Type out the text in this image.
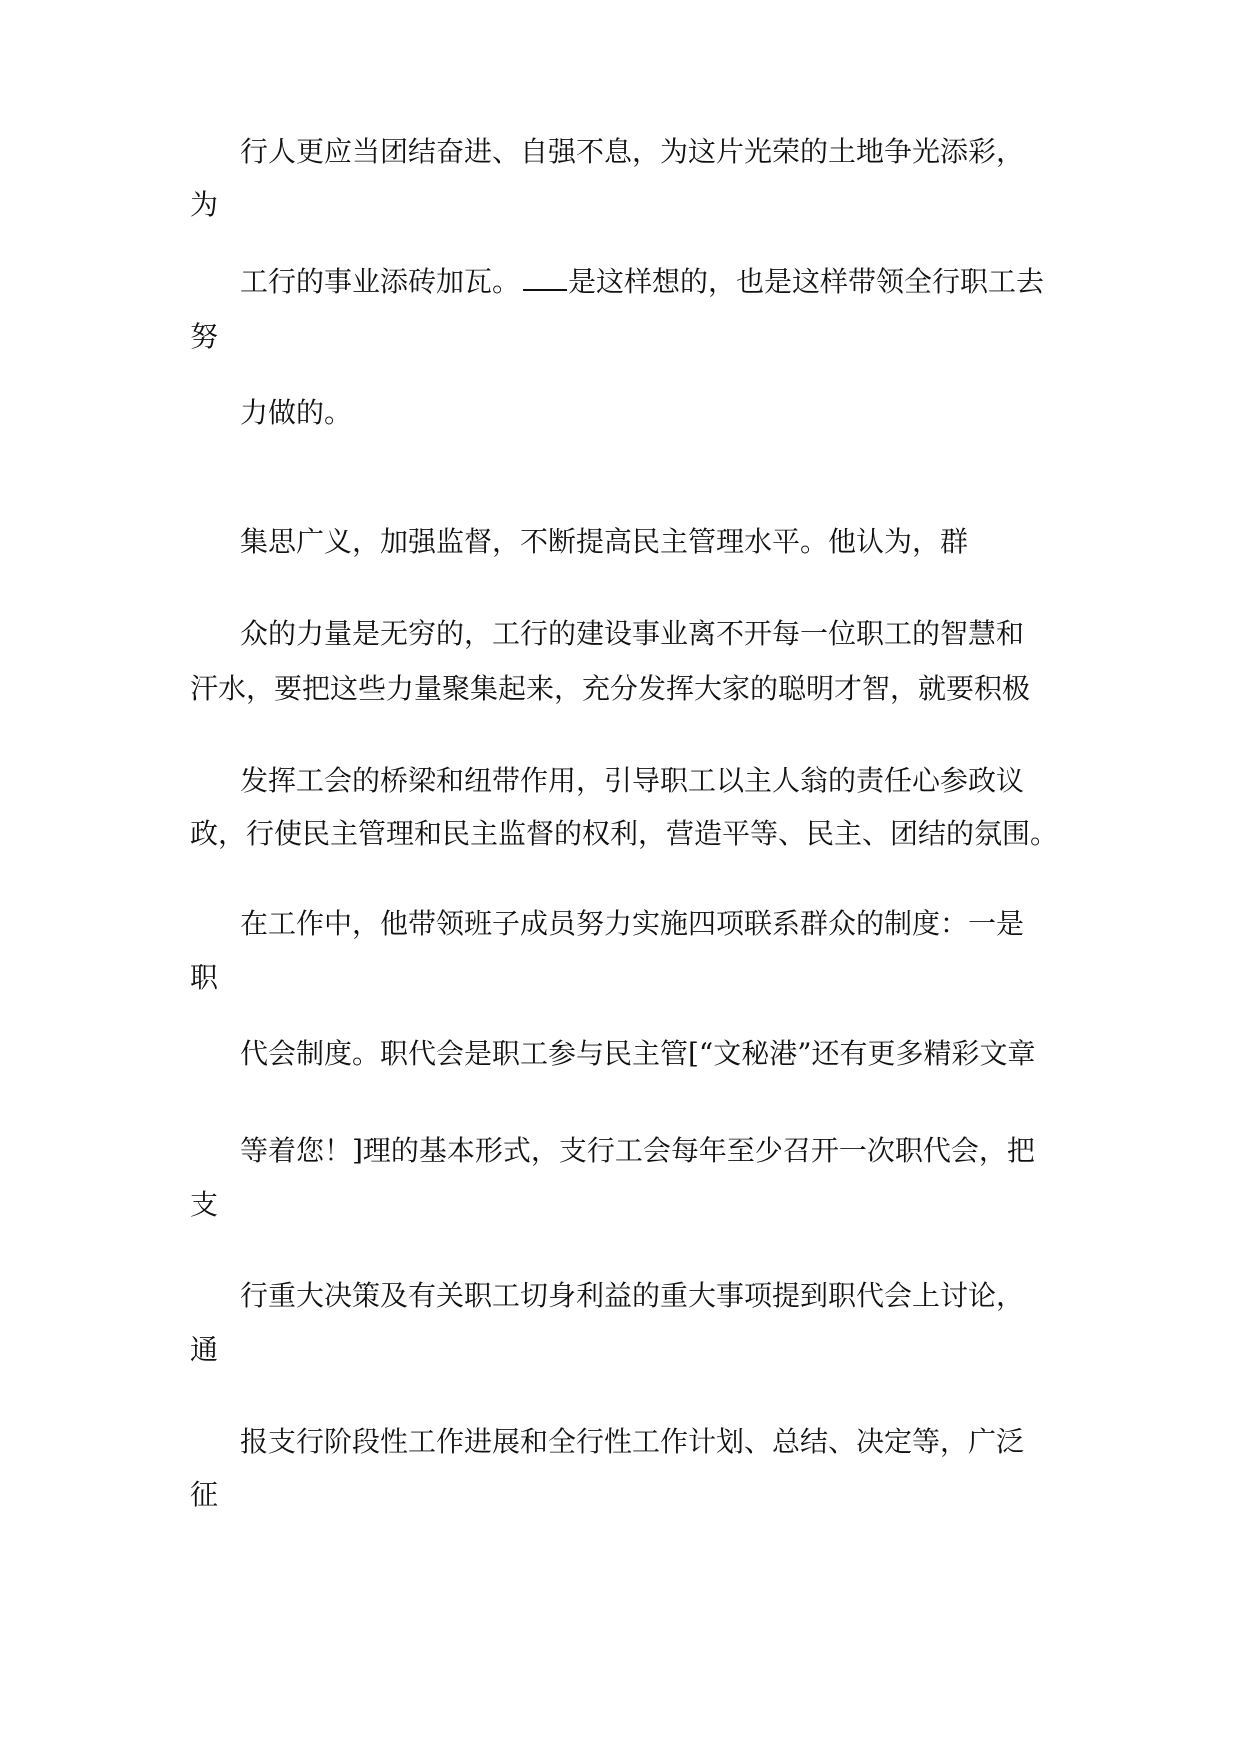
行人更应当团结奋进、自强不息，为这片光荣的土地争光添彩，
为
工行的事业添砖加瓦。 是这样想的，也是这样带领全行职工去
努
力做的。
集思广义，加强监督，不断提高民主管理水平。他认为，群
众的力量是无穷的，工行的建设事业离不开每一位职工的智慧和
汗水，要把这些力量聚集起来，充分发挥大家的聪明才智，就要积极
发挥工会的桥梁和纽带作用，引导职工以主人翁的责任心参政议
政，行使民主管理和民主监督的权利，营造平等、民主、团结的氛围。
在工作中，他带领班子成员努力实施四项联系群众的制度：一是
职
代会制度。职代会是职工参与民主管[“文秘港”还有更多精彩文章
等着您！]理的基本形式，支行工会每年至少召开一次职代会，把
支
行重大决策及有关职工切身利益的重大事项提到职代会上讨论，
通
报支行阶段性工作进展和全行性工作计划、总结、决定等，广泛
征
